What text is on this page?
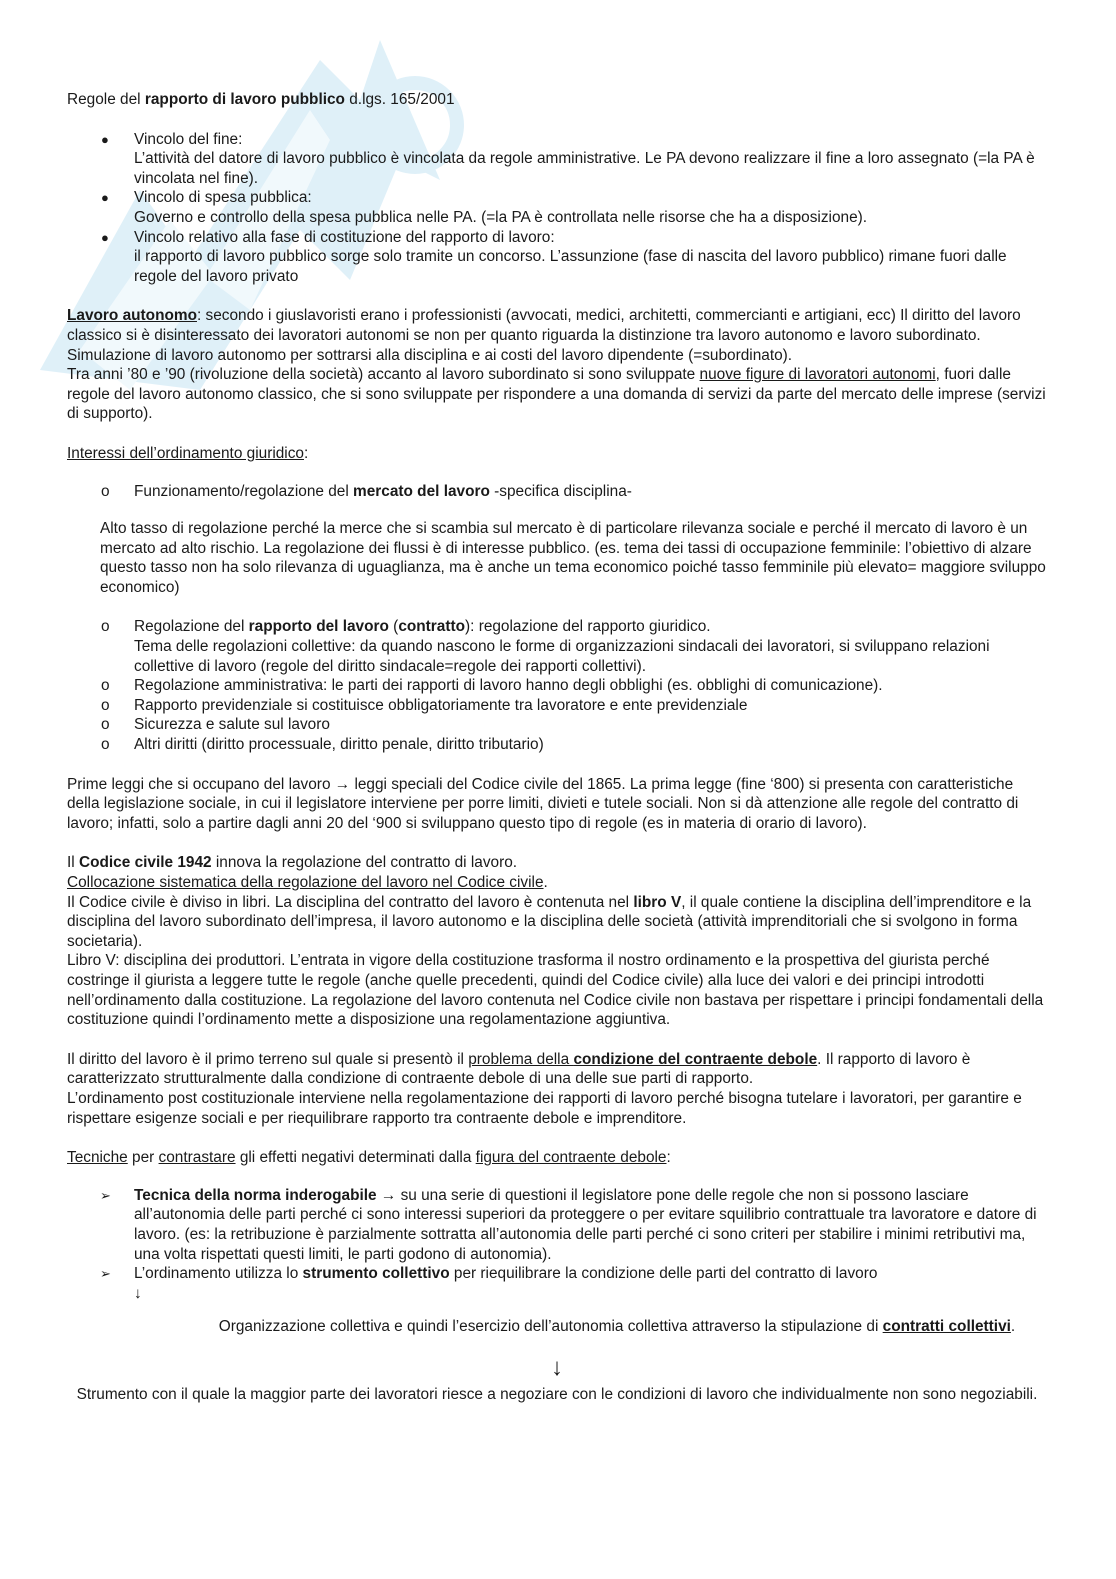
Regole del rapporto di lavoro pubblico d.lgs. 165/2001

●	Vincolo del fine:
L’attività del datore di lavoro pubblico è vincolata da regole amministrative. Le PA devono realizzare il fine a loro assegnato (=la PA è vincolata nel fine).
●	Vincolo di spesa pubblica:
Governo e controllo della spesa pubblica nelle PA. (=la PA è controllata nelle risorse che ha a disposizione).
●	Vincolo relativo alla fase di costituzione del rapporto di lavoro:
il rapporto di lavoro pubblico sorge solo tramite un concorso. L’assunzione (fase di nascita del lavoro pubblico) rimane fuori dalle regole del lavoro privato

Lavoro autonomo: secondo i giuslavoristi erano i professionisti (avvocati, medici, architetti, commercianti e artigiani, ecc) Il diritto del lavoro classico si è disinteressato dei lavoratori autonomi se non per quanto riguarda la distinzione tra lavoro autonomo e lavoro subordinato.

Simulazione di lavoro autonomo per sottrarsi alla disciplina e ai costi del lavoro dipendente (=subordinato).

Tra anni ’80 e ’90 (rivoluzione della società) accanto al lavoro subordinato si sono sviluppate nuove figure di lavoratori autonomi, fuori dalle regole del lavoro autonomo classico, che si sono sviluppate per rispondere a una domanda di servizi da parte del mercato delle imprese (servizi di supporto).

Interessi dell’ordinamento giuridico:

o	Funzionamento/regolazione del mercato del lavoro -specifica disciplina-

Alto tasso di regolazione perché la merce che si scambia sul mercato è di particolare rilevanza sociale e perché il mercato di lavoro è un mercato ad alto rischio. La regolazione dei flussi è di interesse pubblico. (es. tema dei tassi di occupazione femminile: l’obiettivo di alzare questo tasso non ha solo rilevanza di uguaglianza, ma è anche un tema economico poiché tasso femminile più elevato= maggiore sviluppo economico)

o	Regolazione del rapporto del lavoro (contratto): regolazione del rapporto giuridico.
Tema delle regolazioni collettive: da quando nascono le forme di organizzazioni sindacali dei lavoratori, si sviluppano relazioni collettive di lavoro (regole del diritto sindacale=regole dei rapporti collettivi).
o	Regolazione amministrativa: le parti dei rapporti di lavoro hanno degli obblighi (es. obblighi di comunicazione).
o	Rapporto previdenziale si costituisce obbligatoriamente tra lavoratore e ente previdenziale
o	Sicurezza e salute sul lavoro
o	Altri diritti (diritto processuale, diritto penale, diritto tributario)

Prime leggi che si occupano del lavoro → leggi speciali del Codice civile del 1865. La prima legge (fine ‘800) si presenta con caratteristiche della legislazione sociale, in cui il legislatore interviene per porre limiti, divieti e tutele sociali. Non si dà attenzione alle regole del contratto di lavoro; infatti, solo a partire dagli anni 20 del ‘900 si sviluppano questo tipo di regole (es in materia di orario di lavoro).

Il Codice civile 1942 innova la regolazione del contratto di lavoro.

Collocazione sistematica della regolazione del lavoro nel Codice civile.

Il Codice civile è diviso in libri. La disciplina del contratto del lavoro è contenuta nel libro V, il quale contiene la disciplina dell’imprenditore e la disciplina del lavoro subordinato dell’impresa, il lavoro autonomo e la disciplina delle società (attività imprenditoriali che si svolgono in forma societaria).

Libro V: disciplina dei produttori. L’entrata in vigore della costituzione trasforma il nostro ordinamento e la prospettiva del giurista perché costringe il giurista a leggere tutte le regole (anche quelle precedenti, quindi del Codice civile) alla luce dei valori e dei principi introdotti nell’ordinamento dalla costituzione. La regolazione del lavoro contenuta nel Codice civile non bastava per rispettare i principi fondamentali della costituzione quindi l’ordinamento mette a disposizione una regolamentazione aggiuntiva.

Il diritto del lavoro è il primo terreno sul quale si presentò il problema della condizione del contraente debole. Il rapporto di lavoro è caratterizzato strutturalmente dalla condizione di contraente debole di una delle sue parti di rapporto.

L’ordinamento post costituzionale interviene nella regolamentazione dei rapporti di lavoro perché bisogna tutelare i lavoratori, per garantire e rispettare esigenze sociali e per riequilibrare rapporto tra contraente debole e imprenditore.

Tecniche per contrastare gli effetti negativi determinati dalla figura del contraente debole:

➢	Tecnica della norma inderogabile → su una serie di questioni il legislatore pone delle regole che non si possono lasciare all’autonomia delle parti perché ci sono interessi superiori da proteggere o per evitare squilibrio contrattuale tra lavoratore e datore di lavoro. (es: la retribuzione è parzialmente sottratta all’autonomia delle parti perché ci sono criteri per stabilire i minimi retributivi ma, una volta rispettati questi limiti, le parti godono di autonomia).
➢	L’ordinamento utilizza lo strumento collettivo per riequilibrare la condizione delle parti del contratto di lavoro

↓

Organizzazione collettiva e quindi l’esercizio dell’autonomia collettiva attraverso la stipulazione di contratti collettivi.

↓

Strumento con il quale la maggior parte dei lavoratori riesce a negoziare con le condizioni di lavoro che individualmente non sono negoziabili.
